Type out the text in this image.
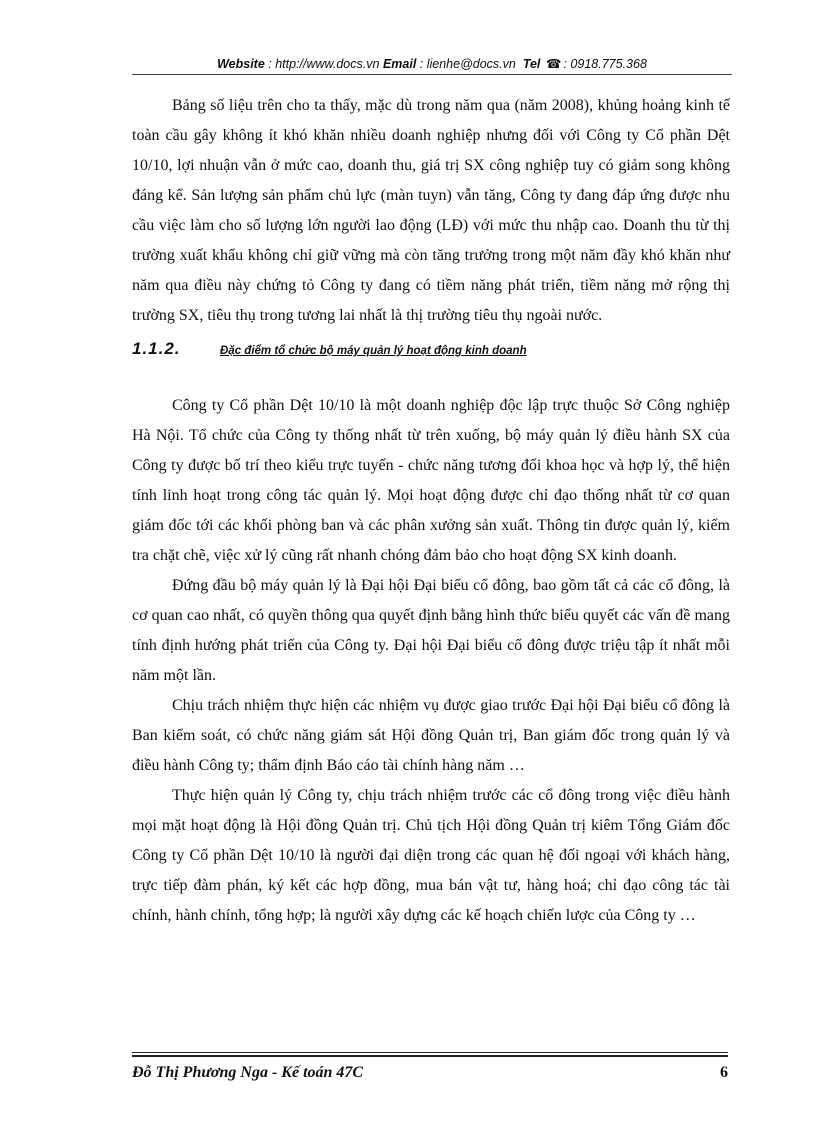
Website : http://www.docs.vn Email : lienhe@docs.vn Tel ☎ : 0918.775.368

Bảng số liệu trên cho ta thấy, mặc dù trong năm qua (năm 2008), khủng hoảng kinh tế toàn cầu gây không ít khó khăn nhiều doanh nghiệp nhưng đối với Công ty Cổ phần Dệt 10/10, lợi nhuận vẫn ở mức cao, doanh thu, giá trị SX công nghiệp tuy có giảm song không đáng kể. Sản lượng sản phẩm chủ lực (màn tuyn) vẫn tăng, Công ty đang đáp ứng được nhu cầu việc làm cho số lượng lớn người lao động (LĐ) với mức thu nhập cao. Doanh thu từ thị trường xuất khẩu không chỉ giữ vững mà còn tăng trưởng trong một năm đầy khó khăn như năm qua điều này chứng tỏ Công ty đang có tiềm năng phát triển, tiềm năng mở rộng thị trường SX, tiêu thụ trong tương lai nhất là thị trường tiêu thụ ngoài nước.

1.1.2.	Đặc điểm tổ chức bộ máy quản lý hoạt động kinh doanh

Công ty Cổ phần Dệt 10/10 là một doanh nghiệp độc lập trực thuộc Sở Công nghiệp Hà Nội. Tổ chức của Công ty thống nhất từ trên xuống, bộ máy quản lý điều hành SX của Công ty được bố trí theo kiểu trực tuyến - chức năng tương đối khoa học và hợp lý, thể hiện tính linh hoạt trong công tác quản lý. Mọi hoạt động được chỉ đạo thống nhất từ cơ quan giám đốc tới các khối phòng ban và các phân xưởng sản xuất. Thông tin được quản lý, kiểm tra chặt chẽ, việc xử lý cũng rất nhanh chóng đảm bảo cho hoạt động SX kinh doanh.

Đứng đầu bộ máy quản lý là Đại hội Đại biểu cổ đông, bao gồm tất cả các cổ đông, là cơ quan cao nhất, có quyền thông qua quyết định bằng hình thức biểu quyết các vấn đề mang tính định hướng phát triển của Công ty. Đại hội Đại biểu cổ đông được triệu tập ít nhất mỗi năm một lần.

Chịu trách nhiệm thực hiện các nhiệm vụ được giao trước Đại hội Đại biểu cổ đông là Ban kiểm soát, có chức năng giám sát Hội đồng Quản trị, Ban giám đốc trong quản lý và điều hành Công ty; thẩm định Báo cáo tài chính hàng năm …

Thực hiện quản lý Công ty, chịu trách nhiệm trước các cổ đông trong việc điều hành mọi mặt hoạt động là Hội đồng Quản trị. Chủ tịch Hội đồng Quản trị kiêm Tổng Giám đốc Công ty Cổ phần Dệt 10/10 là người đại diện trong các quan hệ đối ngoại với khách hàng, trực tiếp đàm phán, ký kết các hợp đồng, mua bán vật tư, hàng hoá; chỉ đạo công tác tài chính, hành chính, tổng hợp; là người xây dựng các kế hoạch chiến lược của Công ty …

Đỗ Thị Phương Nga - Kế toán 47C	6
